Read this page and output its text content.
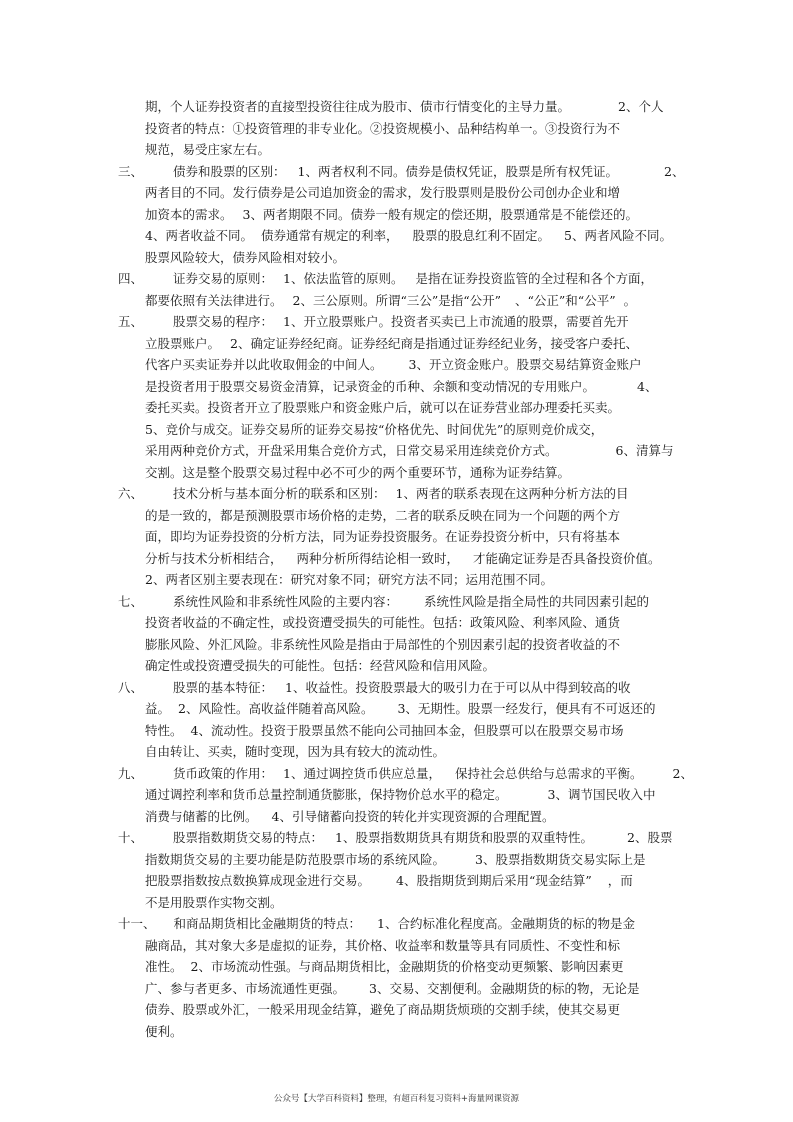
期，个人证券投资者的直接型投资往往成为股市、债市行情变化的主导力量。	2、个人
投资者的特点：①投资管理的非专业化。②投资规模小、品种结构单一。③投资行为不
规范，易受庄家左右。
三、 债券和股票的区别： 1、两者权利不同。债券是债权凭证，股票是所有权凭证。	2、
两者目的不同。发行债券是公司追加资金的需求，发行股票则是股份公司创办企业和增
加资本的需求。 3、两者期限不同。债券一般有规定的偿还期，股票通常是不能偿还的。
4、两者收益不同。 债券通常有规定的利率， 股票的股息红利不固定。 5、两者风险不同。
股票风险较大，债券风险相对较小。
四、 证券交易的原则： 1、依法监管的原则。 是指在证券投资监管的全过程和各个方面，
都要依照有关法律进行。 2、三公原则。所谓“三公”是指“公开” 、“公正”和“公平” 。
五、 股票交易的程序： 1、开立股票账户。投资者买卖已上市流通的股票，需要首先开
立股票账户。 2、确定证券经纪商。证券经纪商是指通过证券经纪业务，接受客户委托、
代客户买卖证券并以此收取佣金的中间人。 3、开立资金账户。股票交易结算资金账户
是投资者用于股票交易资金清算，记录资金的币种、余额和变动情况的专用账户。	4、
委托买卖。投资者开立了股票账户和资金账户后，就可以在证券营业部办理委托买卖。
5、竞价与成交。证券交易所的证券交易按“价格优先、时间优先”的原则竞价成交，
采用两种竞价方式，开盘采用集合竞价方式，日常交易采用连续竞价方式。	6、清算与
交割。这是整个股票交易过程中必不可少的两个重要环节，通称为证券结算。
六、 技术分析与基本面分析的联系和区别： 1、两者的联系表现在这两种分析方法的目
的是一致的，都是预测股票市场价格的走势，二者的联系反映在同为一个问题的两个方
面，即均为证券投资的分析方法，同为证券投资服务。在证券投资分析中，只有将基本
分析与技术分析相结合， 两种分析所得结论相一致时， 才能确定证券是否具备投资价值。
2、两者区别主要表现在：研究对象不同；研究方法不同；运用范围不同。
七、 系统性风险和非系统性风险的主要内容： 系统性风险是指全局性的共同因素引起的
投资者收益的不确定性，或投资遭受损失的可能性。包括：政策风险、利率风险、通货
膨胀风险、外汇风险。非系统性风险是指由于局部性的个别因素引起的投资者收益的不
确定性或投资遭受损失的可能性。包括：经营风险和信用风险。
八、 股票的基本特征： 1、收益性。投资股票最大的吸引力在于可以从中得到较高的收
益。 2、风险性。高收益伴随着高风险。 3、无期性。股票一经发行，便具有不可返还的
特性。 4、流动性。投资于股票虽然不能向公司抽回本金，但股票可以在股票交易市场
自由转让、买卖，随时变现，因为具有较大的流动性。
九、 货币政策的作用： 1、通过调控货币供应总量， 保持社会总供给与总需求的平衡。 2、
通过调控利率和货币总量控制通货膨胀，保持物价总水平的稳定。	3、调节国民收入中
消费与储蓄的比例。 4、引导储蓄向投资的转化并实现资源的合理配置。
十、 股票指数期货交易的特点： 1、股票指数期货具有期货和股票的双重特性。	2、股票
指数期货交易的主要功能是防范股票市场的系统风险。 3、股票指数期货交易实际上是
把股票指数按点数换算成现金进行交易。 4、股指期货到期后采用“现金结算” ，而
不是用股票作实物交割。
十一、 和商品期货相比金融期货的特点： 1、合约标准化程度高。金融期货的标的物是金
融商品，其对象大多是虚拟的证券，其价格、收益率和数量等具有同质性、不变性和标
准性。 2、市场流动性强。与商品期货相比，金融期货的价格变动更频繁、影响因素更
广、参与者更多、市场流通性更强。 3、交易、交割便利。金融期货的标的物，无论是
债券、股票或外汇，一般采用现金结算，避免了商品期货烦琐的交割手续，使其交易更
便利。
公众号【大学百科资料】整理，有超百科复习资料+海量网课资源
